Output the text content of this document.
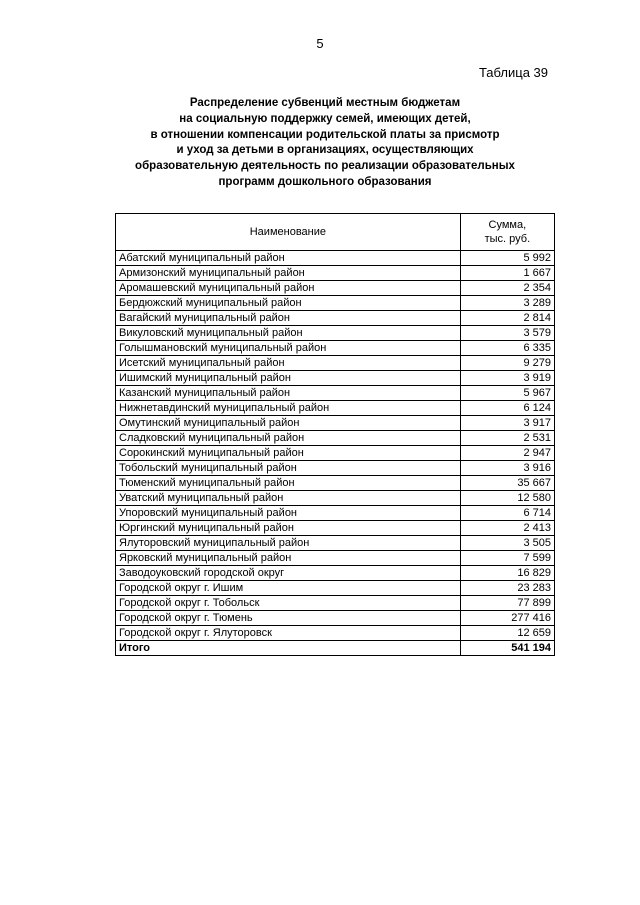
5
Таблица 39
Распределение субвенций местным бюджетам
на социальную поддержку семей, имеющих детей,
в отношении компенсации родительской платы за присмотр
и уход за детьми в организациях, осуществляющих
образовательную деятельность по реализации образовательных
программ дошкольного образования
Наименование	Сумма,
тыс. руб.

Абатский муниципальный район	5 992
Армизонский муниципальный район	1 667
Аромашевский муниципальный район	2 354
Бердюжский муниципальный район	3 289
Вагайский муниципальный район	2 814
Викуловский муниципальный район	3 579
Голышмановский муниципальный район	6 335
Исетский муниципальный район	9 279
Ишимский муниципальный район	3 919
Казанский муниципальный район	5 967
Нижнетавдинский муниципальный район	6 124
Омутинский муниципальный район	3 917
Сладковский муниципальный район	2 531
Сорокинский муниципальный район	2 947
Тобольский муниципальный район	3 916
Тюменский муниципальный район	35 667
Уватский муниципальный район	12 580
Упоровский муниципальный район	6 714
Юргинский муниципальный район	2 413
Ялуторовский муниципальный район	3 505
Ярковский муниципальный район	7 599
Заводоуковский городской округ	16 829
Городской округ г. Ишим	23 283
Городской округ г. Тобольск	77 899
Городской округ г. Тюмень	277 416
Городской округ г. Ялуторовск	12 659
Итого	541 194
